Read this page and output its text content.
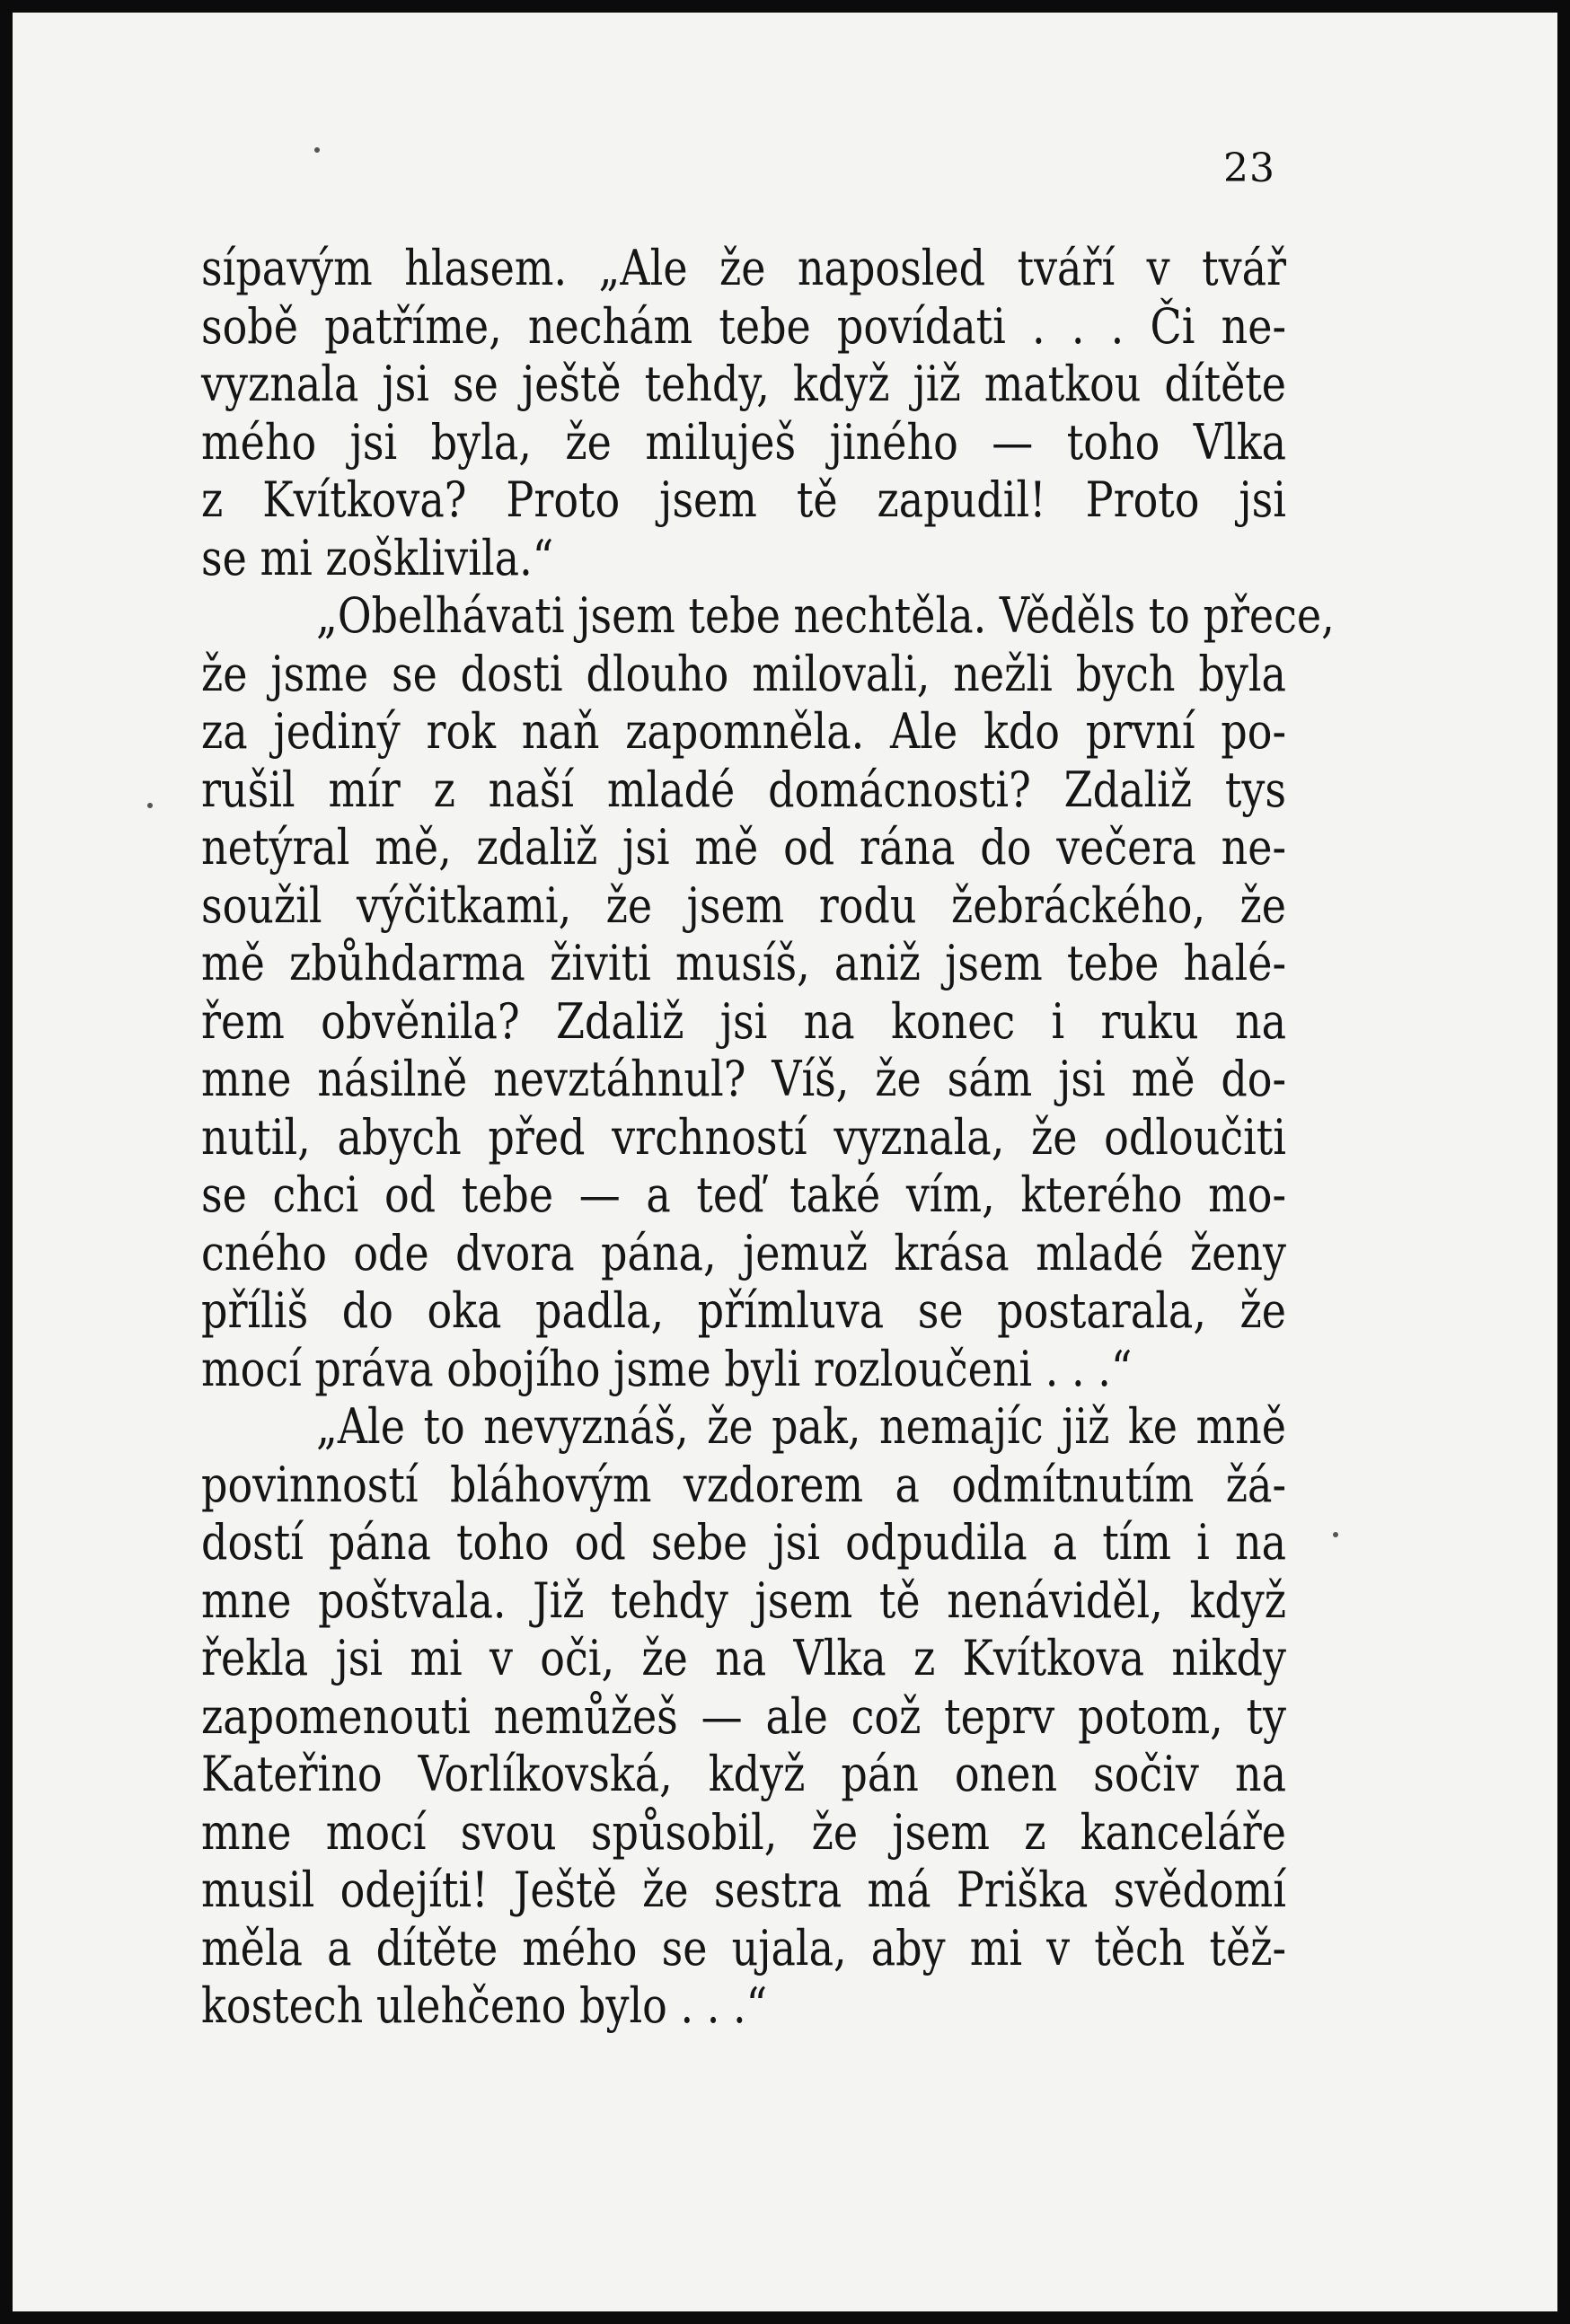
23
sípavým hlasem. „Ale že naposled tváří v tvář
sobě patříme, nechám tebe povídati . . . Či ne-
vyznala jsi se ještě tehdy, když již matkou dítěte
mého jsi byla, že miluješ jiného — toho Vlka
z Kvítkova? Proto jsem tě zapudil! Proto jsi
se mi zošklivila.“
„Obelhávati jsem tebe nechtěla. Věděls to přece,
že jsme se dosti dlouho milovali, nežli bych byla
za jediný rok naň zapomněla. Ale kdo první po-
rušil mír z naší mladé domácnosti? Zdaliž tys
netýral mě, zdaliž jsi mě od rána do večera ne-
soužil výčitkami, že jsem rodu žebráckého, že
mě zbůhdarma živiti musíš, aniž jsem tebe halé-
řem obvěnila? Zdaliž jsi na konec i ruku na
mne násilně nevztáhnul? Víš, že sám jsi mě do-
nutil, abych před vrchností vyznala, že odloučiti
se chci od tebe — a teď také vím, kterého mo-
cného ode dvora pána, jemuž krása mladé ženy
příliš do oka padla, přímluva se postarala, že
mocí práva obojího jsme byli rozloučeni . . .“
„Ale to nevyznáš, že pak, nemajíc již ke mně
povinností bláhovým vzdorem a odmítnutím žá-
dostí pána toho od sebe jsi odpudila a tím i na
mne poštvala. Již tehdy jsem tě nenáviděl, když
řekla jsi mi v oči, že na Vlka z Kvítkova nikdy
zapomenouti nemůžeš — ale což teprv potom, ty
Kateřino Vorlíkovská, když pán onen sočiv na
mne mocí svou spůsobil, že jsem z kanceláře
musil odejíti! Ještě že sestra má Priška svědomí
měla a dítěte mého se ujala, aby mi v těch těž-
kostech ulehčeno bylo . . .“
